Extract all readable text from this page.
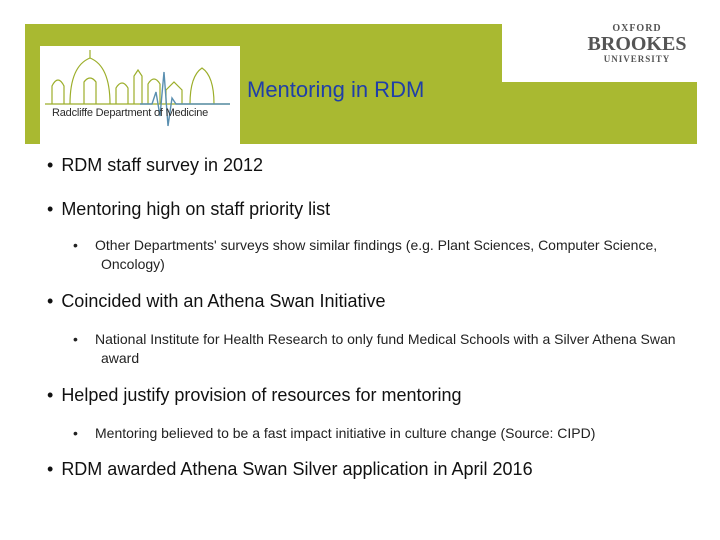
Radcliffe Department of Medicine
Mentoring in RDM
OXFORD
BROOKES
UNIVERSITY
• RDM staff survey in 2012
• Mentoring high on staff priority list
• Other Departments' surveys show similar findings (e.g. Plant Sciences, Computer Science, Oncology)
• Coincided with an Athena Swan Initiative
• National Institute for Health Research to only fund Medical Schools with a Silver Athena Swan award
• Helped justify provision of resources for mentoring
• Mentoring believed to be a fast impact initiative in culture change (Source: CIPD)
• RDM awarded Athena Swan Silver application in April 2016
